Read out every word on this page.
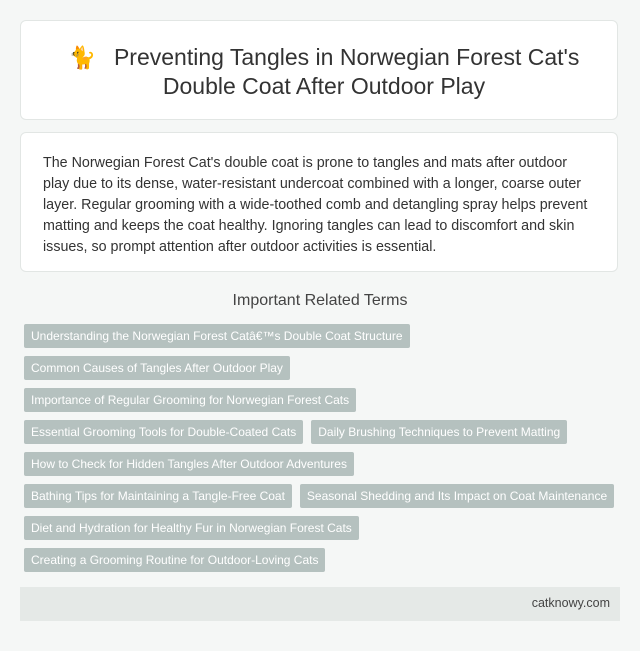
🐈 Preventing Tangles in Norwegian Forest Cat's Double Coat After Outdoor Play
The Norwegian Forest Cat's double coat is prone to tangles and mats after outdoor play due to its dense, water-resistant undercoat combined with a longer, coarse outer layer. Regular grooming with a wide-toothed comb and detangling spray helps prevent matting and keeps the coat healthy. Ignoring tangles can lead to discomfort and skin issues, so prompt attention after outdoor activities is essential.
Important Related Terms
Understanding the Norwegian Forest Catâ€™s Double Coat Structure
Common Causes of Tangles After Outdoor Play
Importance of Regular Grooming for Norwegian Forest Cats
Essential Grooming Tools for Double-Coated Cats	Daily Brushing Techniques to Prevent Matting
How to Check for Hidden Tangles After Outdoor Adventures
Bathing Tips for Maintaining a Tangle-Free Coat	Seasonal Shedding and Its Impact on Coat Maintenance
Diet and Hydration for Healthy Fur in Norwegian Forest Cats
Creating a Grooming Routine for Outdoor-Loving Cats
catknowy.com
